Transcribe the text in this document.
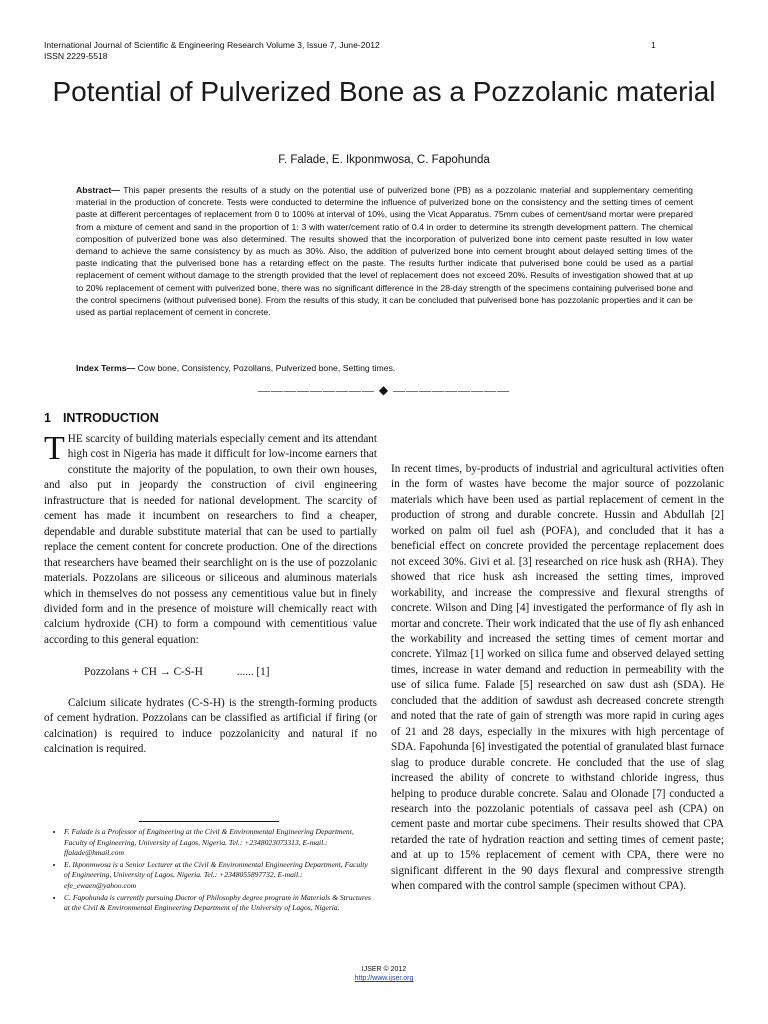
International Journal of Scientific & Engineering Research Volume 3, Issue 7, June-2012
ISSN 2229-5518
1
Potential of Pulverized Bone as a Pozzolanic material
F. Falade, E. Ikponmwosa, C. Fapohunda
Abstract— This paper presents the results of a study on the potential use of pulverized bone (PB) as a pozzolanic material and supplementary cementing material in the production of concrete. Tests were conducted to determine the influence of pulverized bone on the consistency and the setting times of cement paste at different percentages of replacement from 0 to 100% at interval of 10%, using the Vicat Apparatus. 75mm cubes of cement/sand mortar were prepared from a mixture of cement and sand in the proportion of 1: 3 with water/cement ratio of 0.4 in order to determine its strength development pattern. The chemical composition of pulverized bone was also determined. The results showed that the incorporation of pulverized bone into cement paste resulted in low water demand to achieve the same consistency by as much as 30%. Also, the addition of pulverized bone into cement brought about delayed setting times of the paste indicating that the pulverised bone has a retarding effect on the paste. The results further indicate that pulverised bone could be used as a partial replacement of cement without damage to the strength provided that the level of replacement does not exceed 20%. Results of investigation showed that at up to 20% replacement of cement with pulverized bone, there was no significant difference in the 28-day strength of the specimens containing pulverised bone and the control specimens (without pulverised bone). From the results of this study, it can be concluded that pulverised bone has pozzolanic properties and it can be used as partial replacement of cement in concrete.
Index Terms— Cow bone, Consistency, Pozollans, Pulverized bone, Setting times.
————————— ◆ —————————
1 INTRODUCTION

THE scarcity of building materials especially cement and its attendant high cost in Nigeria has made it difficult for low-income earners that constitute the majority of the population, to own their own houses, and also put in jeopardy the construction of civil engineering infrastructure that is needed for national development. The scarcity of cement has made it incumbent on researchers to find a cheaper, dependable and durable substitute material that can be used to partially replace the cement content for concrete production. One of the directions that researchers have beamed their searchlight on is the use of pozzolanic materials. Pozzolans are siliceous or siliceous and aluminous materials which in themselves do not possess any cementitious value but in finely divided form and in the presence of moisture will chemically react with calcium hydroxide (CH) to form a compound with cementitious value according to this general equation:

Pozzolans + CH → C-S-H	...... [1]

Calcium silicate hydrates (C-S-H) is the strength-forming products of cement hydration. Pozzolans can be classified as artificial if firing (or calcination) is required to induce pozzolanicity and natural if no calcination is required.

In recent times, by-products of industrial and agricultural activities often in the form of wastes have become the major source of pozzolanic materials which have been used as partial replacement of cement in the production of strong and durable concrete. Hussin and Abdullah [2] worked on palm oil fuel ash (POFA), and concluded that it has a beneficial effect on concrete provided the percentage replacement does not exceed 30%. Givi et al. [3] researched on rice husk ash (RHA). They showed that rice husk ash increased the setting times, improved workability, and increase the compressive and flexural strengths of concrete. Wilson and Ding [4] investigated the performance of fly ash in mortar and concrete. Their work indicated that the use of fly ash enhanced the workability and increased the setting times of cement mortar and concrete. Yilmaz [1] worked on silica fume and observed delayed setting times, increase in water demand and reduction in permeability with the use of silica fume. Falade [5] researched on saw dust ash (SDA). He concluded that the addition of sawdust ash decreased concrete strength and noted that the rate of gain of strength was more rapid in curing ages of 21 and 28 days, especially in the mixures with high percentage of SDA. Fapohunda [6] investigated the potential of granulated blast furnace slag to produce durable concrete. He concluded that the use of slag increased the ability of concrete to withstand chloride ingress, thus helping to produce durable concrete. Salau and Olonade [7] conducted a research into the pozzolanic potentials of cassava peel ash (CPA) on cement paste and mortar cube specimens. Their results showed that CPA retarded the rate of hydration reaction and setting times of cement paste; and at up to 15% replacement of cement with CPA, there were no significant different in the 90 days flexural and compressive strength when compared with the control sample (specimen without CPA).

• F. Falade is a Professor of Engineering at the Civil & Environmental Engineering Department, Faculty of Engineering, University of Lagos, Nigeria. Tel.: +2348023073313, E-mail.: ffalade@hmail.com
• E. Ikponmwosa is a Senior Lecturer at the Civil & Environmental Engineering Department, Faculty of Engineering, University of Lagos, Nigeria. Tel.: +2348055897732, E-mail.: efe_ewaen@yahoo.com
• C. Fapohunda is currently pursuing Doctor of Philosophy degree program in Materials & Structures at the Civil & Environmental Engineering Department of the University of Lagos, Nigeria.
IJSER © 2012
http://www.ijser.org
